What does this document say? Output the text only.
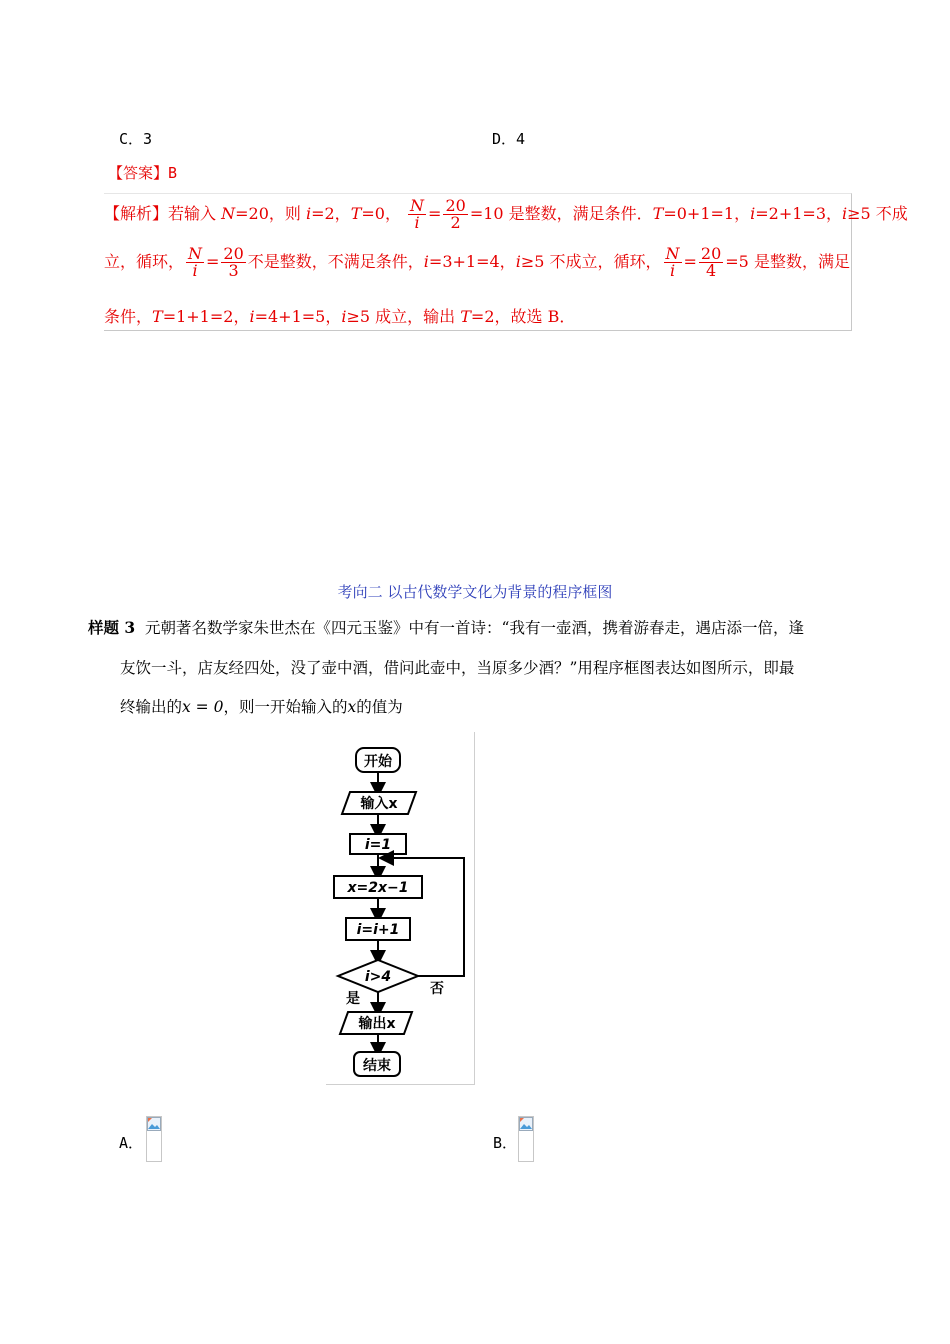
C．3	D．4
【答案】B
【解析】若输入 N=20，则 i=2，T=0， $\frac{N}{i} = \frac{20}{2} =10$ 是整数，满足条件．T=0+1=1，i=2+1=3，i≥5 不成
立，循环， $\frac{N}{i} = \frac{20}{3}$ 不是整数，不满足条件，i=3+1=4，i≥5 不成立，循环， $\frac{N}{i} = \frac{20}{4} =5$ 是整数，满足
条件，T=1+1=2，i=4+1=5，i≥5 成立，输出 T=2，故选 B．
考向二 以古代数学文化为背景的程序框图
样题 3 元朝著名数学家朱世杰在《四元玉鉴》中有一首诗：“我有一壶酒，携着游春走，遇店添一倍，逢
友饮一斗，店友经四处，没了壶中酒，借问此壶中，当原多少酒？”用程序框图表达如图所示，即最
终输出的x = 0，则一开始输入的x的值为
开始
输入x
i=1
x=2x−1
i=i+1
i>4
否
是
输出x
结束
A．	B．
